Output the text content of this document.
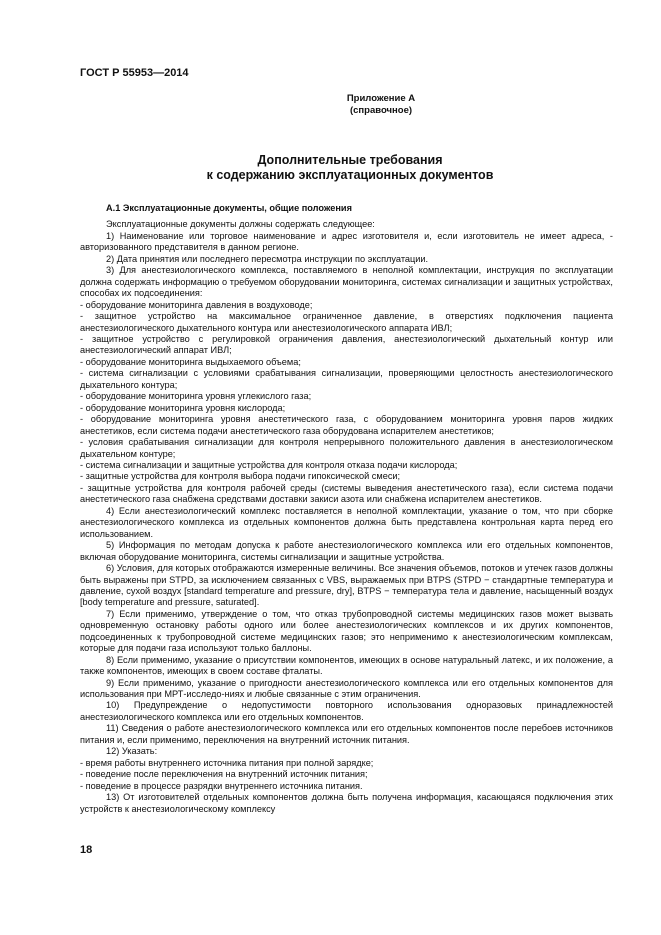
ГОСТ Р 55953—2014
Приложение А
(справочное)
Дополнительные требования
к содержанию эксплуатационных документов

А.1 Эксплуатационные документы, общие положения

Эксплуатационные документы должны содержать следующее:

1) Наименование или торговое наименование и адрес изготовителя и, если изготовитель не имеет адреса, - авторизованного представителя в данном регионе.

2) Дата принятия или последнего пересмотра инструкции по эксплуатации.

3) Для анестезиологического комплекса, поставляемого в неполной комплектации, инструкция по эксплуатации должна содержать информацию о требуемом оборудовании мониторинга, системах сигнализации и защитных устройствах, способах их подсоединения:

- оборудование мониторинга давления в воздуховоде;

- защитное устройство на максимальное ограниченное давление, в отверстиях подключения пациента анестезиологического дыхательного контура или анестезиологического аппарата ИВЛ;

- защитное устройство с регулировкой ограничения давления, анестезиологический дыхательный контур или анестезиологический аппарат ИВЛ;

- оборудование мониторинга выдыхаемого объема;

- система сигнализации с условиями срабатывания сигнализации, проверяющими целостность анестезиологического дыхательного контура;

- оборудование мониторинга уровня углекислого газа;

- оборудование мониторинга уровня кислорода;

- оборудование мониторинга уровня анестетического газа, с оборудованием мониторинга уровня паров жидких анестетиков, если система подачи анестетического газа оборудована испарителем анестетиков;

- условия срабатывания сигнализации для контроля непрерывного положительного давления в анестезиологическом дыхательном контуре;

- система сигнализации и защитные устройства для контроля отказа подачи кислорода;

- защитные устройства для контроля выбора подачи гипоксической смеси;

- защитные устройства для контроля рабочей среды (системы выведения анестетического газа), если система подачи анестетического газа снабжена средствами доставки закиси азота или снабжена испарителем анестетиков.

4) Если анестезиологический комплекс поставляется в неполной комплектации, указание о том, что при сборке анестезиологического комплекса из отдельных компонентов должна быть представлена контрольная карта перед его использованием.

5) Информация по методам допуска к работе анестезиологического комплекса или его отдельных компонентов, включая оборудование мониторинга, системы сигнализации и защитные устройства.

6) Условия, для которых отображаются измеренные величины. Все значения объемов, потоков и утечек газов должны быть выражены при STPD, за исключением связанных с VBS, выражаемых при BTPS (STPD − стандартные температура и давление, сухой воздух [standard temperature and pressure, dry], BTPS − температура тела и давление, насыщенный воздух [body temperature and pressure, saturated].

7) Если применимо, утверждение о том, что отказ трубопроводной системы медицинских газов может вызвать одновременную остановку работы одного или более анестезиологических комплексов и их других компонентов, подсоединенных к трубопроводной системе медицинских газов; это неприменимо к анестезиологическим комплексам, которые для подачи газа используют только баллоны.

8) Если применимо, указание о присутствии компонентов, имеющих в основе натуральный латекс, и их положение, а также компонентов, имеющих в своем составе фталаты.

9) Если применимо, указание о пригодности анестезиологического комплекса или его отдельных компонентов для использования при МРТ-исследо-ниях и любые связанные с этим ограничения.

10) Предупреждение о недопустимости повторного использования одноразовых принадлежностей анестезиологического комплекса или его отдельных компонентов.

11) Сведения о работе анестезиологического комплекса или его отдельных компонентов после перебоев источников питания и, если применимо, переключения на внутренний источник питания.

12) Указать:

- время работы внутреннего источника питания при полной зарядке;

- поведение после переключения на внутренний источник питания;

- поведение в процессе разрядки внутреннего источника питания.

13) От изготовителей отдельных компонентов должна быть получена информация, касающаяся подключения этих устройств к анестезиологическому комплексу

18
